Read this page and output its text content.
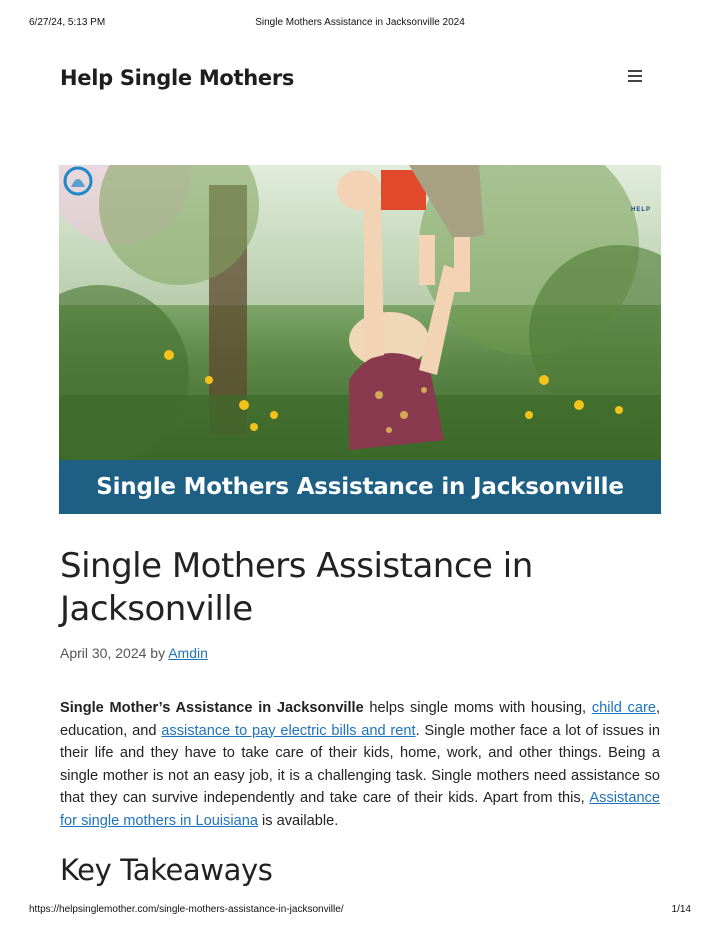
6/27/24, 5:13 PM	Single Mothers Assistance in Jacksonville 2024
Help Single Mothers
HELP
Single Mothers Assistance in Jacksonville
Single Mothers Assistance in Jacksonville
April 30, 2024 by Amdin

Single Mother’s Assistance in Jacksonville helps single moms with housing, child care, education, and assistance to pay electric bills and rent. Single mother face a lot of issues in their life and they have to take care of their kids, home, work, and other things. Being a single mother is not an easy job, it is a challenging task. Single mothers need assistance so that they can survive independently and take care of their kids. Apart from this, Assistance for single mothers in Louisiana is available.

Key Takeaways
https://helpsinglemother.com/single-mothers-assistance-in-jacksonville/	1/14
